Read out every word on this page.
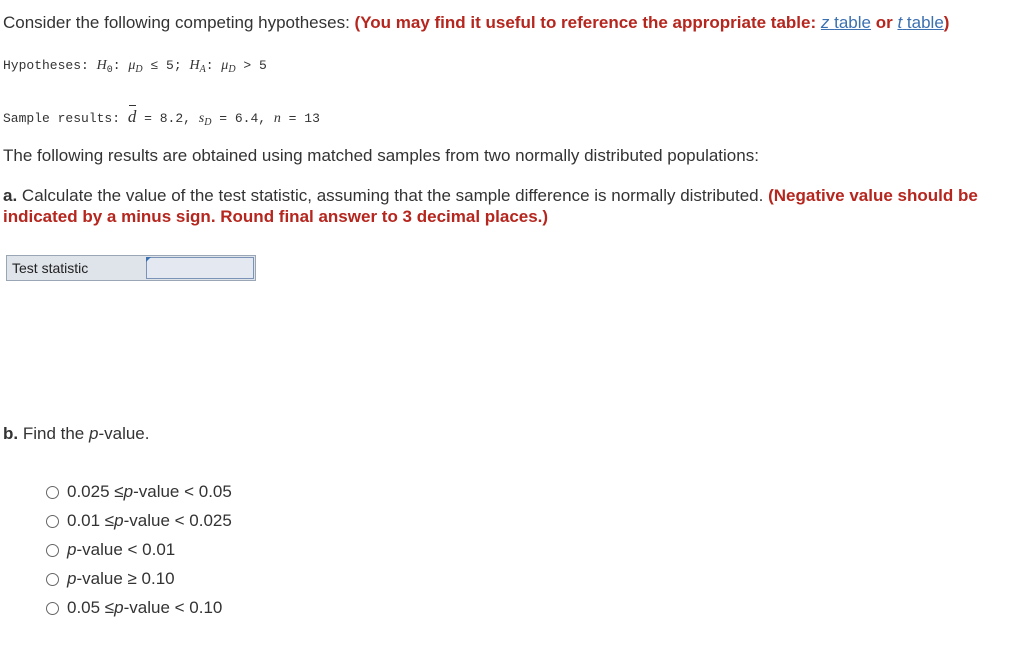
Consider the following competing hypotheses: (You may find it useful to reference the appropriate table: z table or t table)
Hypotheses: $H_0$: $\mu_D \le 5$; $H_A$: $\mu_D > 5$
Sample results: d = 8.2, $s_D = 6.4$, n = 13
The following results are obtained using matched samples from two normally distributed populations:
a. Calculate the value of the test statistic, assuming that the sample difference is normally distributed. (Negative value should be
indicated by a minus sign. Round final answer to 3 decimal places.)
Test statistic
b. Find the p-value.
0.025 ≤ p -value < 0.05
0.01 ≤ p -value < 0.025
p -value < 0.01
p -value ≥ 0.10
0.05 ≤ p -value < 0.10
